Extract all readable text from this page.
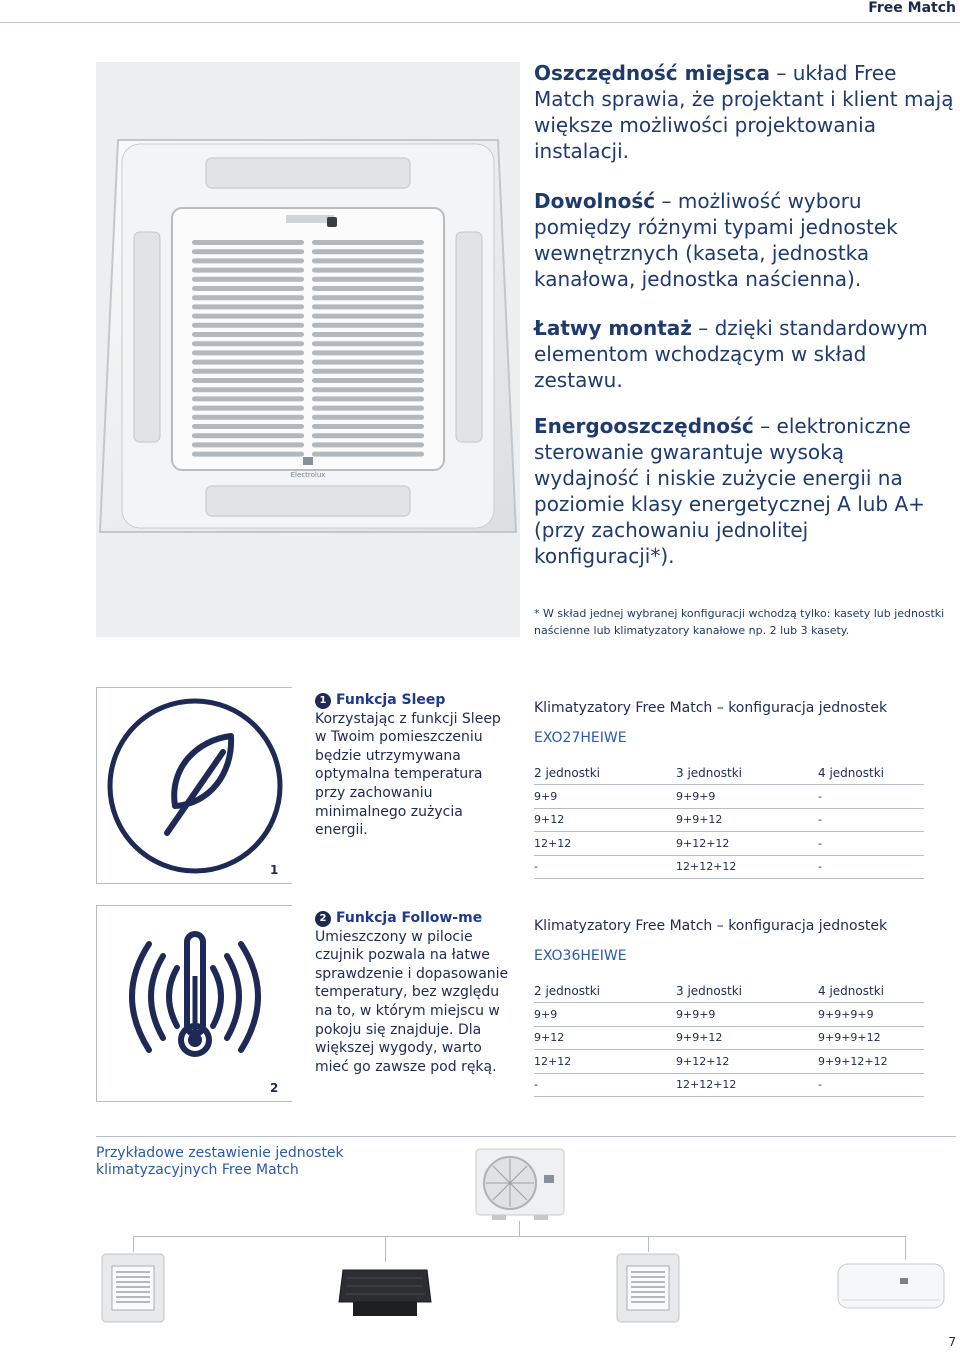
Free Match
Electrolux
Oszczędność miejsca – układ Free Match sprawia, że projektant i klient mają większe możliwości projektowania instalacji.
Dowolność – możliwość wyboru pomiędzy różnymi typami jednostek wewnętrznych (kaseta, jednostka kanałowa, jednostka naścienna).
Łatwy montaż – dzięki standardowym elementom wchodzącym w skład zestawu.
Energooszczędność – elektroniczne sterowanie gwarantuje wysoką wydajność i niskie zużycie energii na poziomie klasy energetycznej A lub A+ (przy zachowaniu jednolitej konfiguracji*).
* W skład jednej wybranej konfiguracji wchodzą tylko: kasety lub jednostki naścienne lub klimatyzatory kanałowe np. 2 lub 3 kasety.
1
1 Funkcja Sleep
Korzystając z funkcji Sleep w Twoim pomieszczeniu będzie utrzymywana optymalna temperatura przy zachowaniu minimalnego zużycia energii.
Klimatyzatory Free Match – konfiguracja jednostek
EXO27HEIWE
2 jednostki	3 jednostki	4 jednostki
9+9	9+9+9	-
9+12	9+9+12	-
12+12	9+12+12	-
-	12+12+12	-
2
2 Funkcja Follow-me
Umieszczony w pilocie czujnik pozwala na łatwe sprawdzenie i dopasowanie temperatury, bez względu na to, w którym miejscu w pokoju się znajduje. Dla większej wygody, warto mieć go zawsze pod ręką.
Klimatyzatory Free Match – konfiguracja jednostek
EXO36HEIWE
2 jednostki	3 jednostki	4 jednostki
9+9	9+9+9	9+9+9+9
9+12	9+9+12	9+9+9+12
12+12	9+12+12	9+9+12+12
-	12+12+12	-
Przykładowe zestawienie jednostek klimatyzacyjnych Free Match
7
